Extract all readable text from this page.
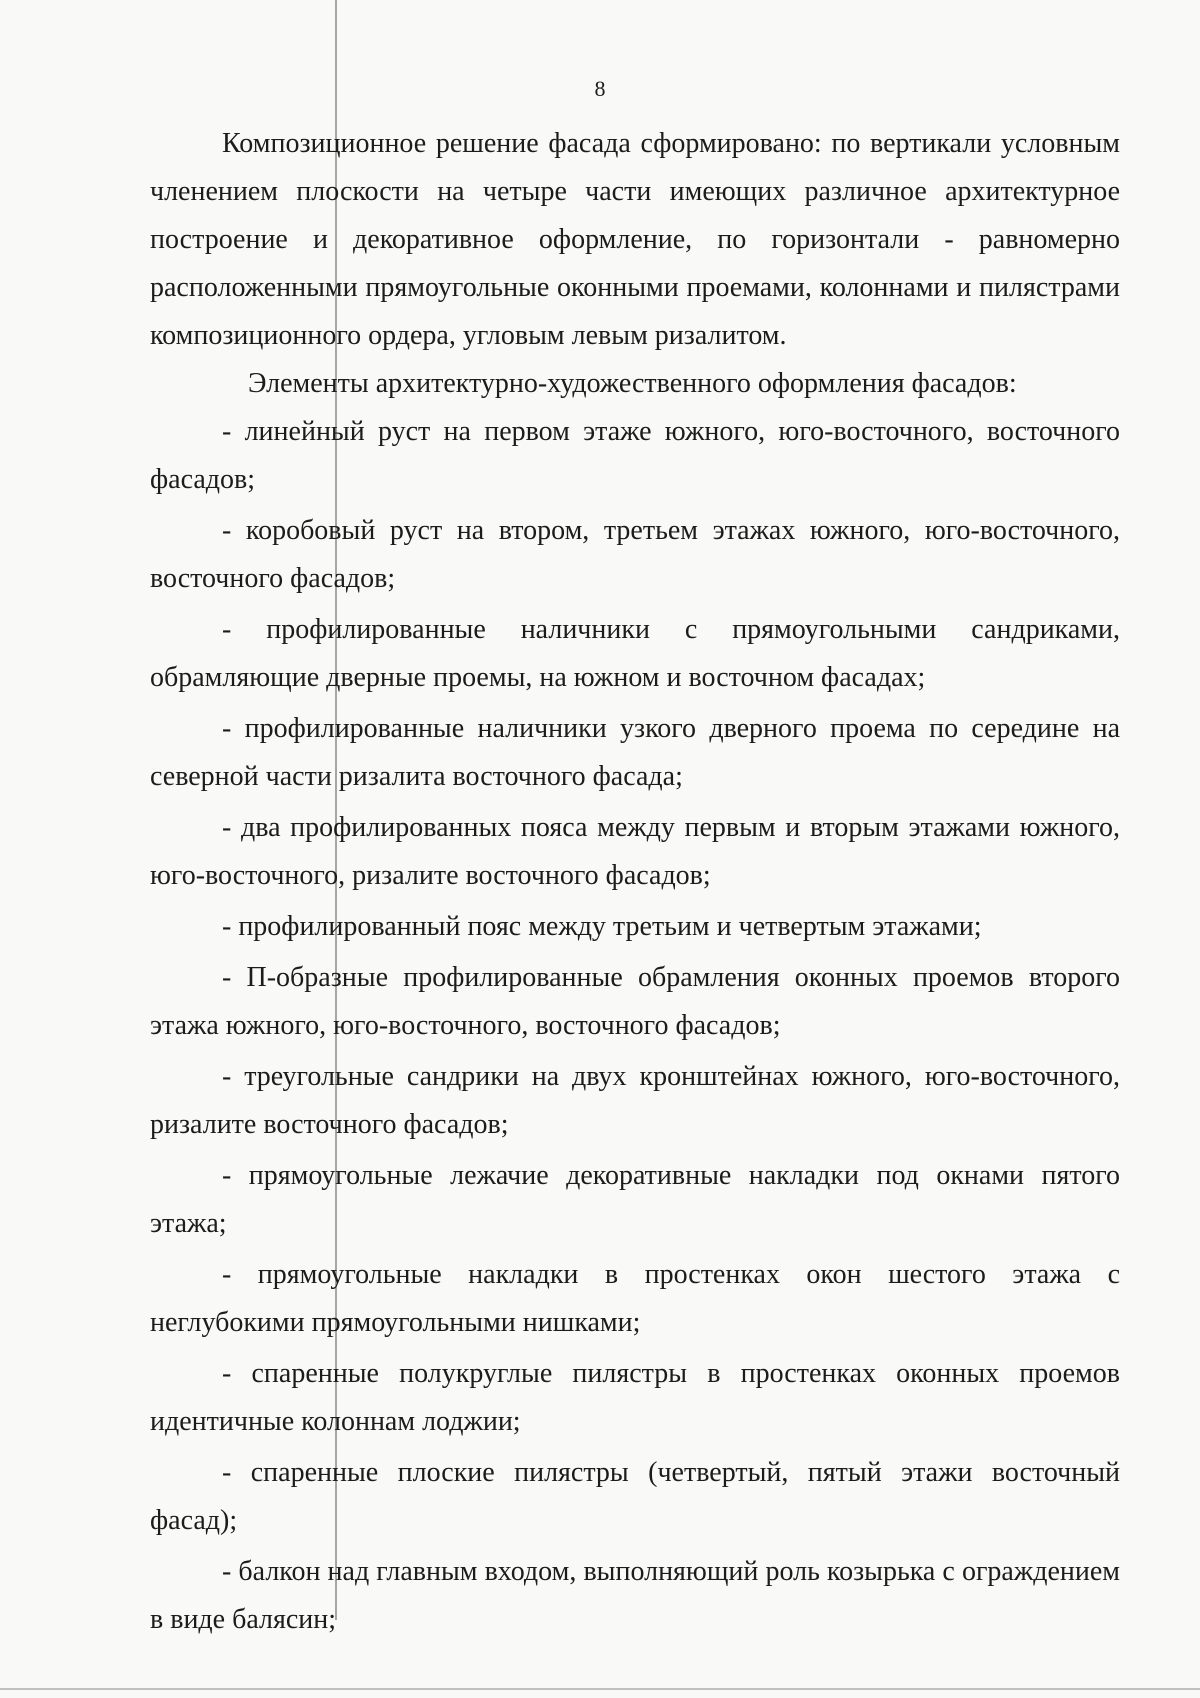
8

Композиционное решение фасада сформировано: по вертикали условным членением плоскости на четыре части имеющих различное архитектурное построение и декоративное оформление, по горизонтали - равномерно расположенными прямоугольные оконными проемами, колоннами и пилястрами композиционного ордера, угловым левым ризалитом.

Элементы архитектурно-художественного оформления фасадов:

- линейный руст на первом этаже южного, юго-восточного, восточного фасадов;

- коробовый руст на втором, третьем этажах южного, юго-восточного, восточного фасадов;

- профилированные наличники с прямоугольными сандриками, обрамляющие дверные проемы, на южном и восточном фасадах;

- профилированные наличники узкого дверного проема по середине на северной части ризалита восточного фасада;

- два профилированных пояса между первым и вторым этажами южного, юго-восточного, ризалите восточного фасадов;

- профилированный пояс между третьим и четвертым этажами;

- П-образные профилированные обрамления оконных проемов второго этажа южного, юго-восточного, восточного фасадов;

- треугольные сандрики на двух кронштейнах южного, юго-восточного, ризалите восточного фасадов;

- прямоугольные лежачие декоративные накладки под окнами пятого этажа;

- прямоугольные накладки в простенках окон шестого этажа с неглубокими прямоугольными нишками;

- спаренные полукруглые пилястры в простенках оконных проемов идентичные колоннам лоджии;

- спаренные плоские пилястры (четвертый, пятый этажи восточный фасад);

- балкон над главным входом, выполняющий роль козырька с ограждением в виде балясин;
